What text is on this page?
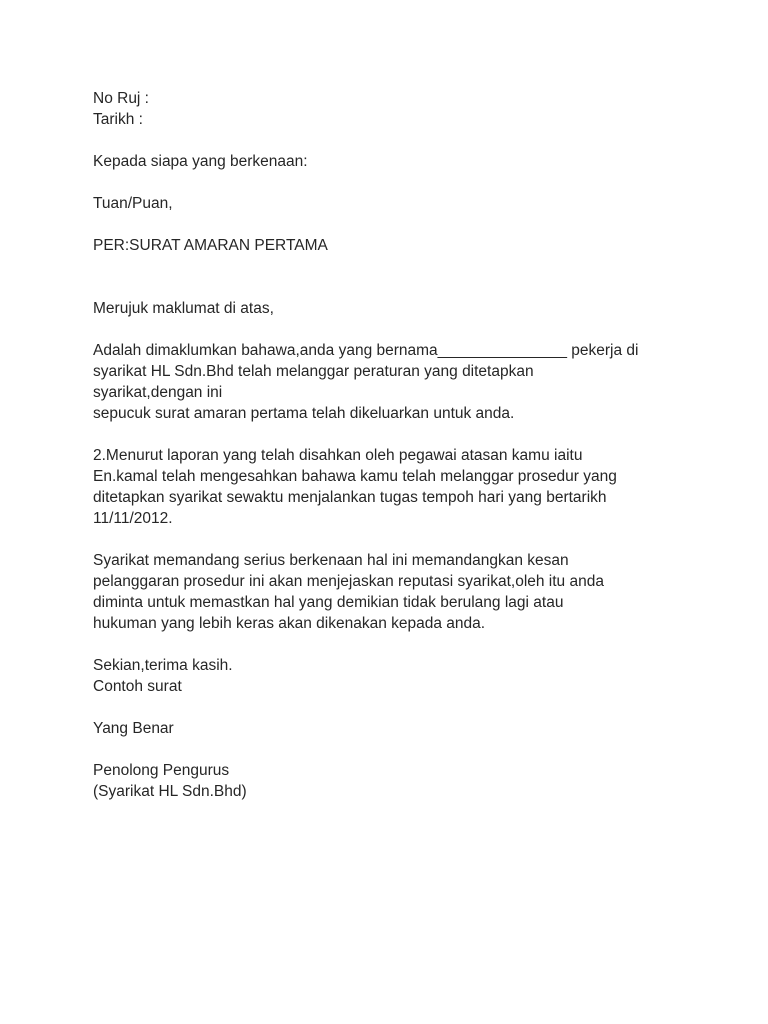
No Ruj :
Tarikh :
Kepada siapa yang berkenaan:
Tuan/Puan,
PER:SURAT AMARAN PERTAMA
Merujuk maklumat di atas,
Adalah dimaklumkan bahawa,anda yang bernama_______________ pekerja di
syarikat HL Sdn.Bhd telah melanggar peraturan yang ditetapkan
syarikat,dengan ini
sepucuk surat amaran pertama telah dikeluarkan untuk anda.
2.Menurut laporan yang telah disahkan oleh pegawai atasan kamu iaitu
En.kamal telah mengesahkan bahawa kamu telah melanggar prosedur yang
ditetapkan syarikat sewaktu menjalankan tugas tempoh hari yang bertarikh
11/11/2012.
Syarikat memandang serius berkenaan hal ini memandangkan kesan
pelanggaran prosedur ini akan menjejaskan reputasi syarikat,oleh itu anda
diminta untuk memastkan hal yang demikian tidak berulang lagi atau
hukuman yang lebih keras akan dikenakan kepada anda.
Sekian,terima kasih.
Contoh surat
Yang Benar
Penolong Pengurus
(Syarikat HL Sdn.Bhd)
